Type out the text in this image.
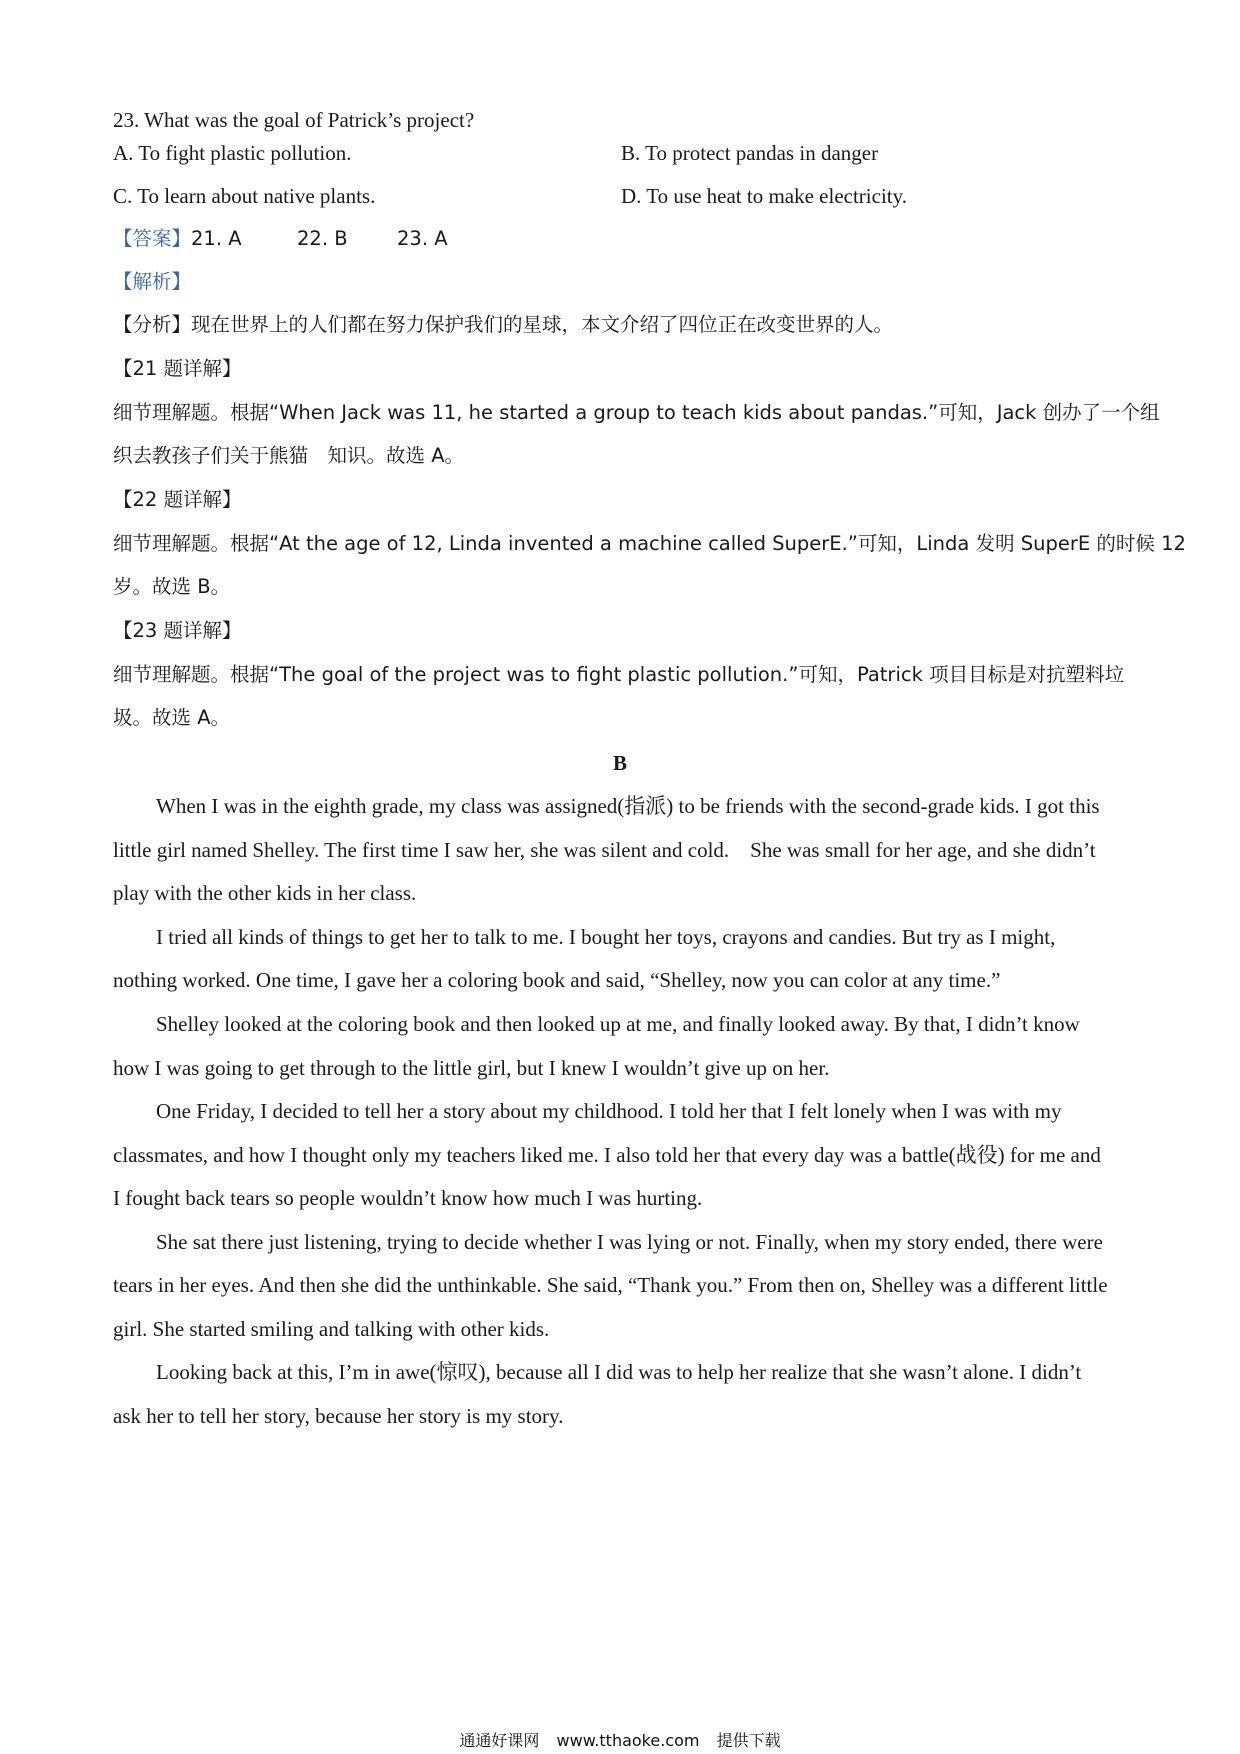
23. What was the goal of Patrick’s project?
A. To fight plastic pollution.	B. To protect pandas in danger
C. To learn about native plants.	D. To use heat to make electricity.
【答案】21. A	22. B	23. A
【解析】
【分析】现在世界上的人们都在努力保护我们的星球，本文介绍了四位正在改变世界的人。
【21 题详解】
细节理解题。根据“When Jack was 11, he started a group to teach kids about pandas.”可知，Jack 创办了一个组
织去教孩子们关于熊猫　知识。故选 A。
【22 题详解】
细节理解题。根据“At the age of 12, Linda invented a machine called SuperE.”可知，Linda 发明 SuperE 的时候 12
岁。故选 B。
【23 题详解】
细节理解题。根据“The goal of the project was to fight plastic pollution.”可知，Patrick 项目目标是对抗塑料垃
圾。故选 A。
B
When I was in the eighth grade, my class was assigned(指派) to be friends with the second-grade kids. I got this
little girl named Shelley. The first time I saw her, she was silent and cold.　She was small for her age, and she didn’t
play with the other kids in her class.
I tried all kinds of things to get her to talk to me. I bought her toys, crayons and candies. But try as I might,
nothing worked. One time, I gave her a coloring book and said, “Shelley, now you can color at any time.”
Shelley looked at the coloring book and then looked up at me, and finally looked away. By that, I didn’t know
how I was going to get through to the little girl, but I knew I wouldn’t give up on her.
One Friday, I decided to tell her a story about my childhood. I told her that I felt lonely when I was with my
classmates, and how I thought only my teachers liked me. I also told her that every day was a battle(战役) for me and
I fought back tears so people wouldn’t know how much I was hurting.
She sat there just listening, trying to decide whether I was lying or not. Finally, when my story ended, there were
tears in her eyes. And then she did the unthinkable. She said, “Thank you.” From then on, Shelley was a different little
girl. She started smiling and talking with other kids.
Looking back at this, I’m in awe(惊叹), because all I did was to help her realize that she wasn’t alone. I didn’t
ask her to tell her story, because her story is my story.
通通好课网 www.tthaoke.com 提供下载
